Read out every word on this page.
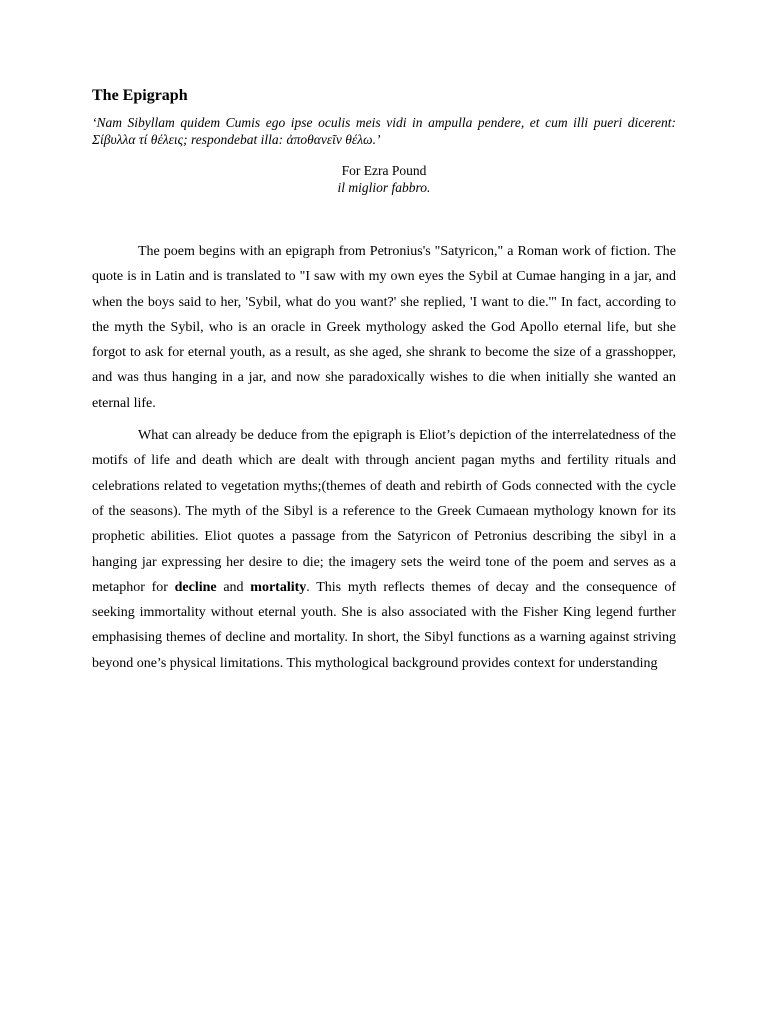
The Epigraph

‘Nam Sibyllam quidem Cumis ego ipse oculis meis vidi in ampulla pendere, et cum illi pueri dicerent: Σίβυλλα τί θέλεις; respondebat illa: ἀποθανεῖν θέλω.’

For Ezra Pound
il miglior fabbro.

The poem begins with an epigraph from Petronius's "Satyricon," a Roman work of fiction. The quote is in Latin and is translated to "I saw with my own eyes the Sybil at Cumae hanging in a jar, and when the boys said to her, 'Sybil, what do you want?' she replied, 'I want to die.'" In fact, according to the myth the Sybil, who is an oracle in Greek mythology asked the God Apollo eternal life, but she forgot to ask for eternal youth, as a result, as she aged, she shrank to become the size of a grasshopper, and was thus hanging in a jar, and now she paradoxically wishes to die when initially she wanted an eternal life.

What can already be deduce from the epigraph is Eliot’s depiction of the interrelatedness of the motifs of life and death which are dealt with through ancient pagan myths and fertility rituals and celebrations related to vegetation myths;(themes of death and rebirth of Gods connected with the cycle of the seasons). The myth of the Sibyl is a reference to the Greek Cumaean mythology known for its prophetic abilities. Eliot quotes a passage from the Satyricon of Petronius describing the sibyl in a hanging jar expressing her desire to die; the imagery sets the weird tone of the poem and serves as a metaphor for decline and mortality. This myth reflects themes of decay and the consequence of seeking immortality without eternal youth. She is also associated with the Fisher King legend further emphasising themes of decline and mortality. In short, the Sibyl functions as a warning against striving beyond one’s physical limitations. This mythological background provides context for understanding
